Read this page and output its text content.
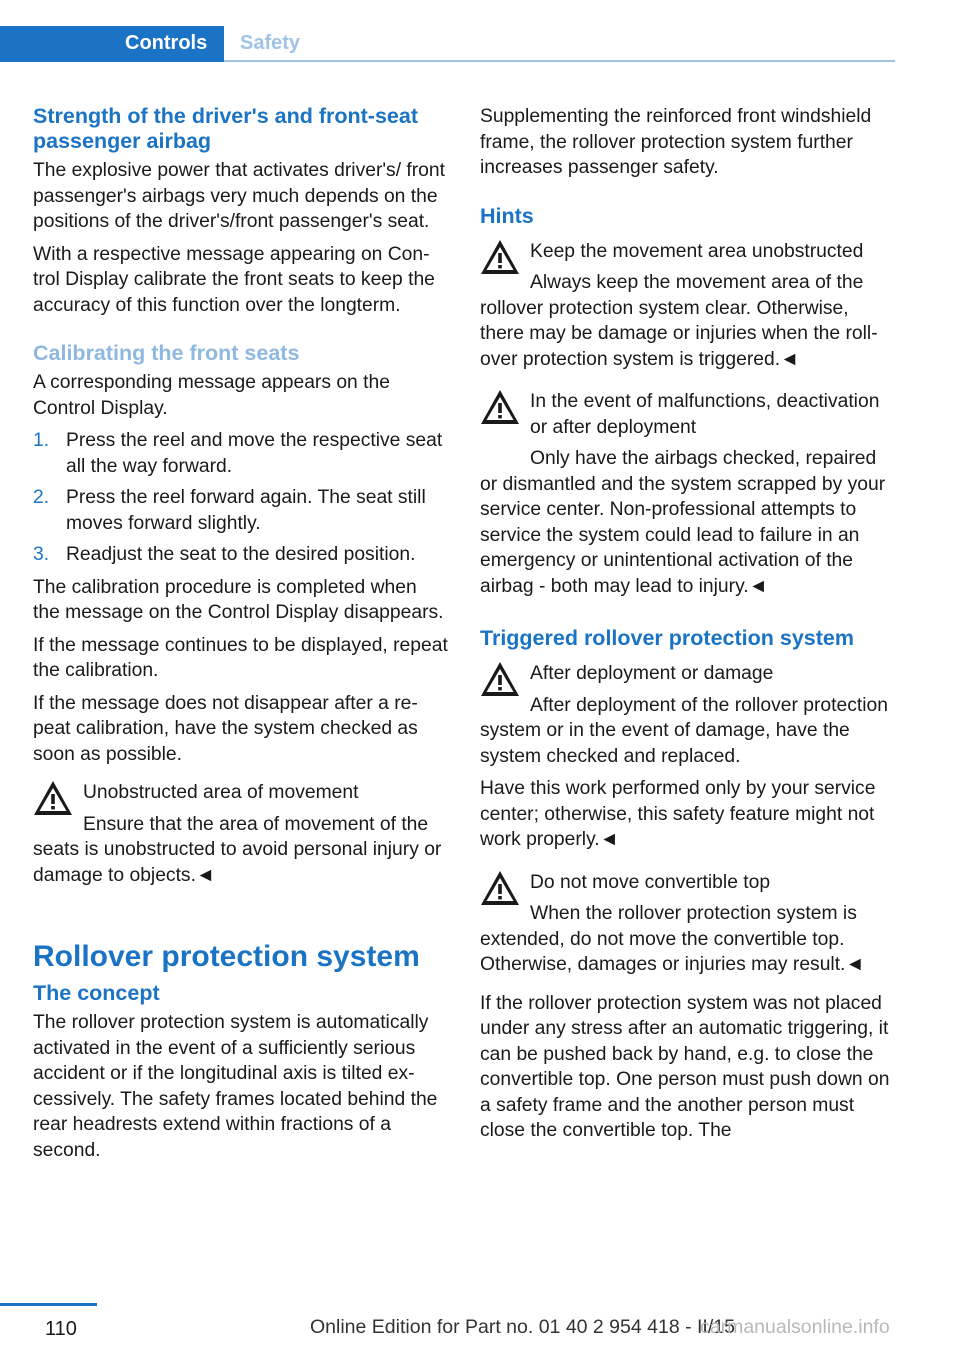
Controls Safety
Strength of the driver's and front-seat passenger airbag

The explosive power that activates driver's/ front passenger's airbags very much depends on the positions of the driver's/front passenger's seat.

With a respective message appearing on Control Display calibrate the front seats to keep the accuracy of this function over the longterm.

Calibrating the front seats

A corresponding message appears on the Control Display.

1. Press the reel and move the respective seat all the way forward.
2. Press the reel forward again. The seat still moves forward slightly.
3. Readjust the seat to the desired position.

The calibration procedure is completed when the message on the Control Display disappears.

If the message continues to be displayed, repeat the calibration.

If the message does not disappear after a repeat calibration, have the system checked as soon as possible.

Unobstructed area of movement
Ensure that the area of movement of the seats is unobstructed to avoid personal injury or damage to objects.◄
Rollover protection system
The concept

The rollover protection system is automatically activated in the event of a sufficiently serious accident or if the longitudinal axis is tilted excessively. The safety frames located behind the rear headrests extend within fractions of a second.

Supplementing the reinforced front windshield frame, the rollover protection system further increases passenger safety.

Hints
Keep the movement area unobstructed
Always keep the movement area of the rollover protection system clear. Otherwise, there may be damage or injuries when the rollover protection system is triggered.◄
In the event of malfunctions, deactivation or after deployment
Only have the airbags checked, repaired or dismantled and the system scrapped by your service center. Non-professional attempts to service the system could lead to failure in an emergency or unintentional activation of the airbag - both may lead to injury.◄
Triggered rollover protection system
After deployment or damage
After deployment of the rollover protection system or in the event of damage, have the system checked and replaced.

Have this work performed only by your service center; otherwise, this safety feature might not work properly.◄

Do not move convertible top
When the rollover protection system is extended, do not move the convertible top. Otherwise, damages or injuries may result.◄

If the rollover protection system was not placed under any stress after an automatic triggering, it can be pushed back by hand, e.g. to close the convertible top. One person must push down on a safety frame and the another person must close the convertible top. The

110	Online Edition for Part no. 01 40 2 954 418 - II/15
carmanualsonline.info
